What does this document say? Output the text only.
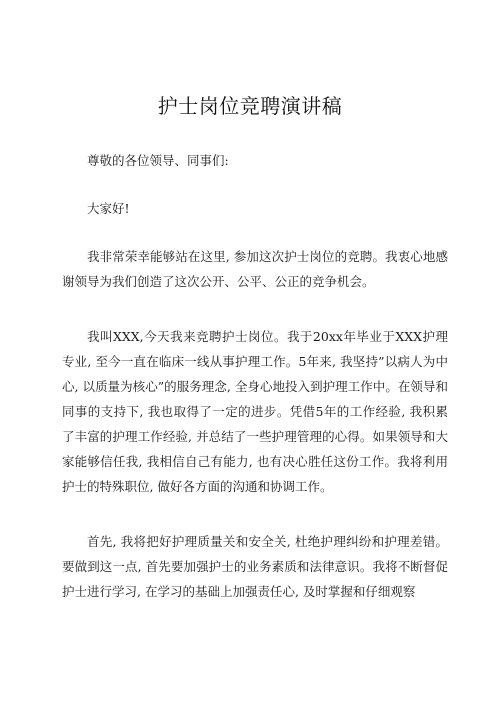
护士岗位竞聘演讲稿

尊敬的各位领导、同事们:

大家好!

我非常荣幸能够站在这里, 参加这次护士岗位的竞聘。我衷心地感谢领导为我们创造了这次公开、公平、公正的竞争机会。

我叫XXX,今天我来竞聘护士岗位。我于20xx年毕业于XXX护理专业, 至今一直在临床一线从事护理工作。5年来, 我坚持”以病人为中心, 以质量为核心”的服务理念, 全身心地投入到护理工作中。在领导和同事的支持下, 我也取得了一定的进步。凭借5年的工作经验, 我积累了丰富的护理工作经验, 并总结了一些护理管理的心得。如果领导和大家能够信任我, 我相信自己有能力, 也有决心胜任这份工作。我将利用护士的特殊职位, 做好各方面的沟通和协调工作。

首先, 我将把好护理质量关和安全关, 杜绝护理纠纷和护理差错。要做到这一点, 首先要加强护士的业务素质和法律意识。我将不断督促护士进行学习, 在学习的基础上加强责任心, 及时掌握和仔细观察
